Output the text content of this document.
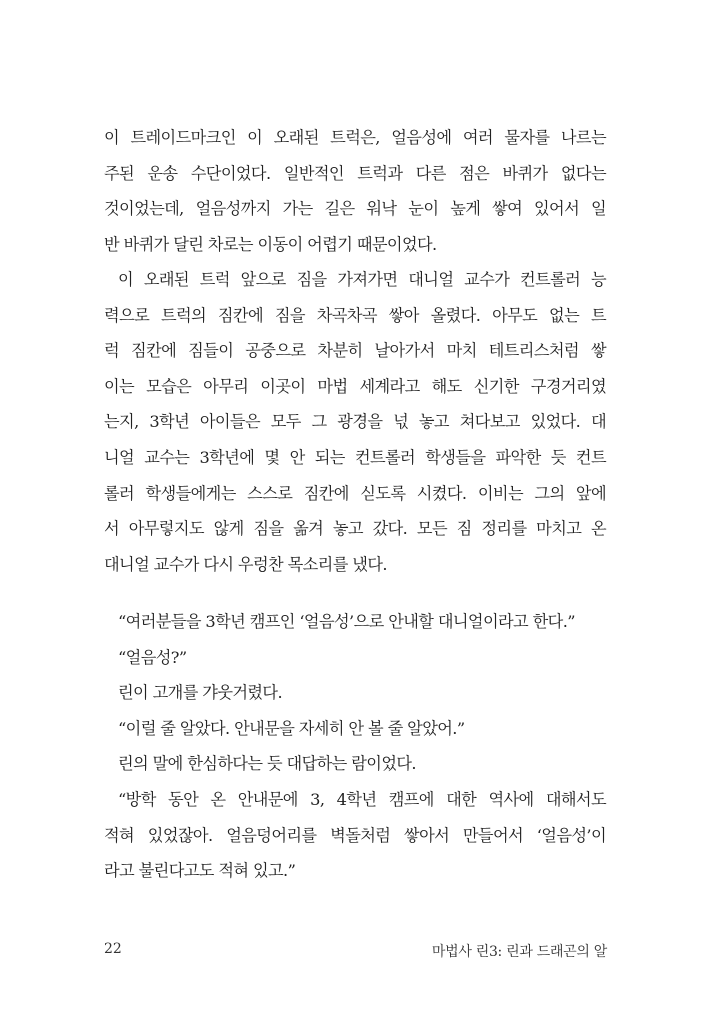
이 트레이드마크인 이 오래된 트럭은, 얼음성에 여러 물자를 나르는
주된 운송 수단이었다. 일반적인 트럭과 다른 점은 바퀴가 없다는
것이었는데, 얼음성까지 가는 길은 워낙 눈이 높게 쌓여 있어서 일
반 바퀴가 달린 차로는 이동이 어렵기 때문이었다.
이 오래된 트럭 앞으로 짐을 가져가면 대니얼 교수가 컨트롤러 능
력으로 트럭의 짐칸에 짐을 차곡차곡 쌓아 올렸다. 아무도 없는 트
럭 짐칸에 짐들이 공중으로 차분히 날아가서 마치 테트리스처럼 쌓
이는 모습은 아무리 이곳이 마법 세계라고 해도 신기한 구경거리였
는지, 3학년 아이들은 모두 그 광경을 넋 놓고 쳐다보고 있었다. 대
니얼 교수는 3학년에 몇 안 되는 컨트롤러 학생들을 파악한 듯 컨트
롤러 학생들에게는 스스로 짐칸에 싣도록 시켰다. 이비는 그의 앞에
서 아무렇지도 않게 짐을 옮겨 놓고 갔다. 모든 짐 정리를 마치고 온
대니얼 교수가 다시 우렁찬 목소리를 냈다.
“여러분들을 3학년 캠프인 ‘얼음성’으로 안내할 대니얼이라고 한다.”
“얼음성?”
린이 고개를 갸웃거렸다.
“이럴 줄 알았다. 안내문을 자세히 안 볼 줄 알았어.”
린의 말에 한심하다는 듯 대답하는 람이었다.
“방학 동안 온 안내문에 3, 4학년 캠프에 대한 역사에 대해서도
적혀 있었잖아. 얼음덩어리를 벽돌처럼 쌓아서 만들어서 ‘얼음성’이
라고 불린다고도 적혀 있고.”
22	마법사 린3: 린과 드래곤의 알
